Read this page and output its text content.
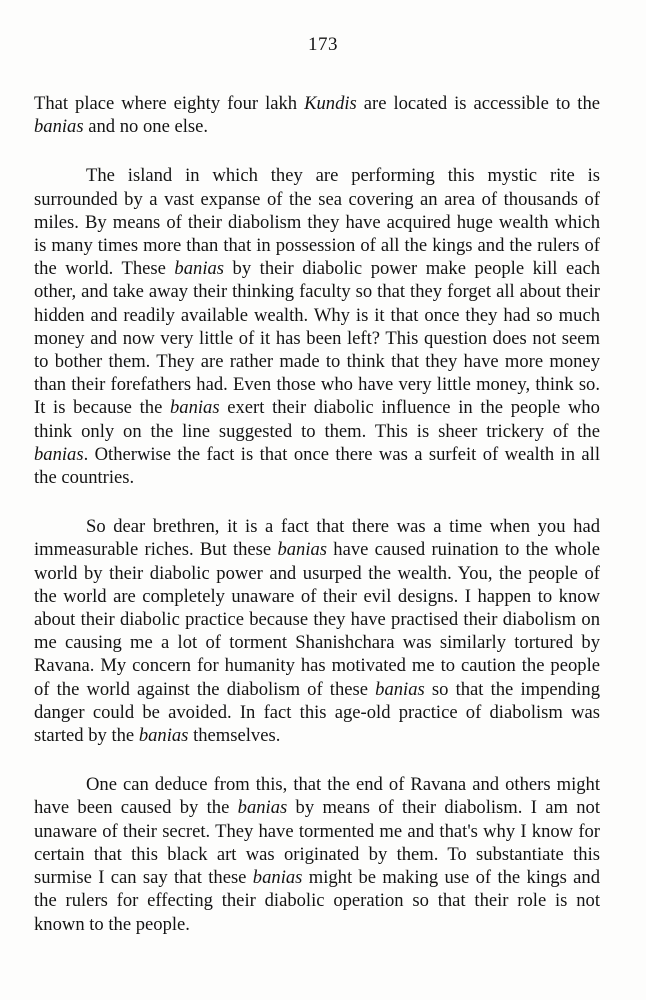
173

That place where eighty four lakh Kundis are located is accessible to the banias and no one else.

The island in which they are performing this mystic rite is surrounded by a vast expanse of the sea covering an area of thousands of miles. By means of their diabolism they have acquired huge wealth which is many times more than that in possession of all the kings and the rulers of the world. These banias by their diabolic power make people kill each other, and take away their thinking faculty so that they forget all about their hidden and readily available wealth. Why is it that once they had so much money and now very little of it has been left? This question does not seem to bother them. They are rather made to think that they have more money than their forefathers had. Even those who have very little money, think so. It is because the banias exert their diabolic influence in the people who think only on the line suggested to them. This is sheer trickery of the banias. Otherwise the fact is that once there was a surfeit of wealth in all the countries.

So dear brethren, it is a fact that there was a time when you had immeasurable riches. But these banias have caused ruination to the whole world by their diabolic power and usurped the wealth. You, the people of the world are completely unaware of their evil designs. I happen to know about their diabolic practice because they have practised their diabolism on me causing me a lot of torment Shanishchara was similarly tortured by Ravana. My concern for humanity has motivated me to caution the people of the world against the diabolism of these banias so that the impending danger could be avoided. In fact this age-old practice of diabolism was started by the banias themselves.

One can deduce from this, that the end of Ravana and others might have been caused by the banias by means of their diabolism. I am not unaware of their secret. They have tormented me and that's why I know for certain that this black art was originated by them. To substantiate this surmise I can say that these banias might be making use of the kings and the rulers for effecting their diabolic operation so that their role is not known to the people.
